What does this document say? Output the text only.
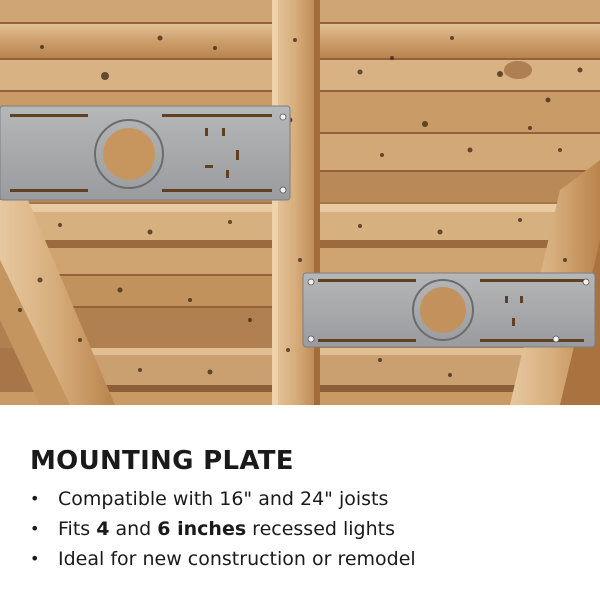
MOUNTING PLATE
• Compatible with 16" and 24" joists
• Fits 4 and 6 inches recessed lights
• Ideal for new construction or remodel
